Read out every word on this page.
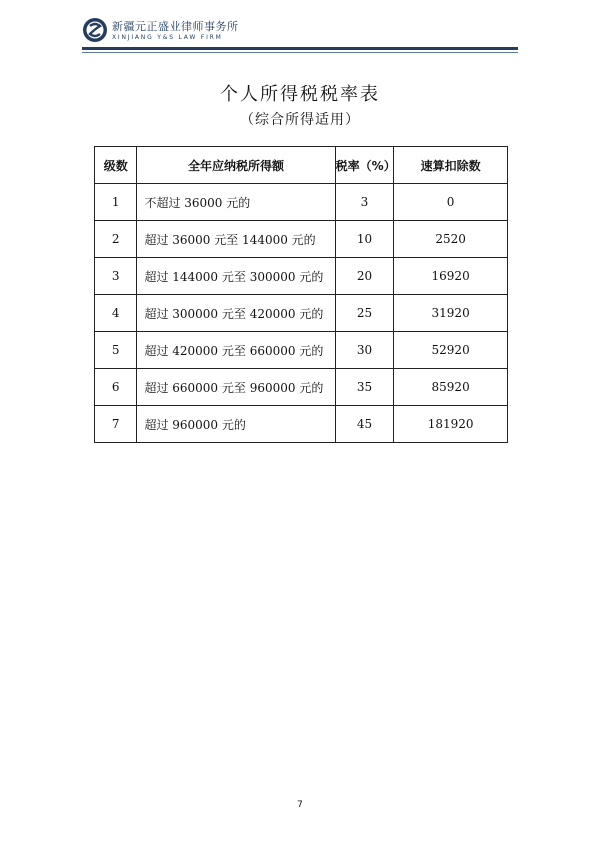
新疆元正盛业律师事务所
XINJIANG Y&S LAW FIRM
个人所得税税率表
（综合所得适用）
级数	全年应纳税所得额	税率（%）	速算扣除数
1	不超过 36000 元的	3	0
2	超过 36000 元至 144000 元的	10	2520
3	超过 144000 元至 300000 元的	20	16920
4	超过 300000 元至 420000 元的	25	31920
5	超过 420000 元至 660000 元的	30	52920
6	超过 660000 元至 960000 元的	35	85920
7	超过 960000 元的	45	181920
7
